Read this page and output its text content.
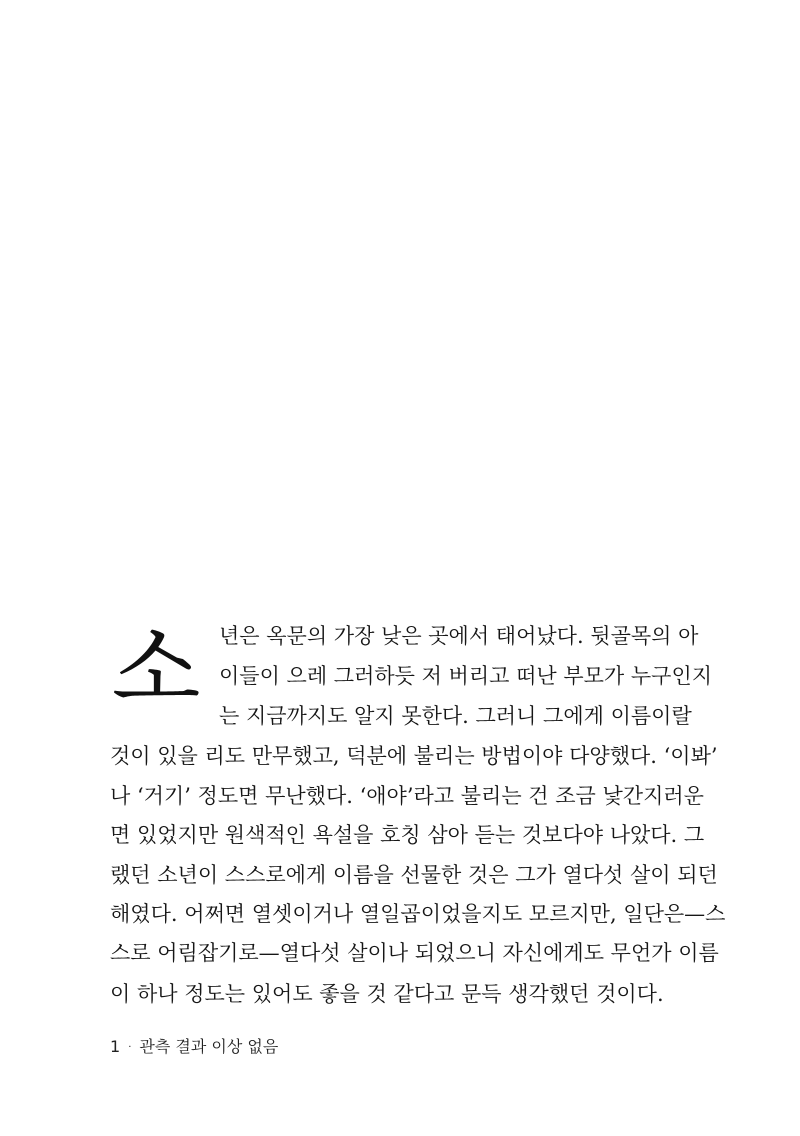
소 년은 옥문의 가장 낮은 곳에서 태어났다. 뒷골목의 아
이들이 으레 그러하듯 저 버리고 떠난 부모가 누구인지
는 지금까지도 알지 못한다. 그러니 그에게 이름이랄
것이 있을 리도 만무했고, 덕분에 불리는 방법이야 다양했다. ‘이봐’
나 ‘거기’ 정도면 무난했다. ‘애야’라고 불리는 건 조금 낯간지러운
면 있었지만 원색적인 욕설을 호칭 삼아 듣는 것보다야 나았다. 그
랬던 소년이 스스로에게 이름을 선물한 것은 그가 열다섯 살이 되던
해였다. 어쩌면 열셋이거나 열일곱이었을지도 모르지만, 일단은—스
스로 어림잡기로—열다섯 살이나 되었으니 자신에게도 무언가 이름
이 하나 정도는 있어도 좋을 것 같다고 문득 생각했던 것이다.
1 · 관측 결과 이상 없음
